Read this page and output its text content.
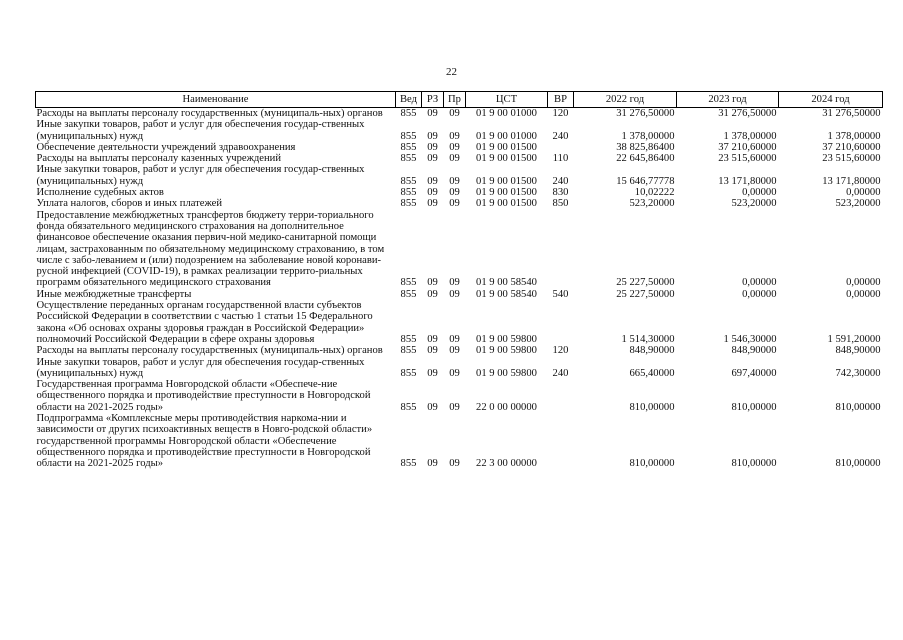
22
Наименование	Вед	РЗ	Пр	ЦСТ	ВР	2022 год	2023 год	2024 год
Расходы на выплаты персоналу государственных (муниципаль-ных) органов	855	09	09	01 9 00 01000	120	31 276,50000	31 276,50000	31 276,50000
Иные закупки товаров, работ и услуг для обеспечения государ-ственных (муниципальных) нужд	855	09	09	01 9 00 01000	240	1 378,00000	1 378,00000	1 378,00000
Обеспечение деятельности учреждений здравоохранения	855	09	09	01 9 00 01500		38 825,86400	37 210,60000	37 210,60000
Расходы на выплаты персоналу казенных учреждений	855	09	09	01 9 00 01500	110	22 645,86400	23 515,60000	23 515,60000
Иные закупки товаров, работ и услуг для обеспечения государ-ственных (муниципальных) нужд	855	09	09	01 9 00 01500	240	15 646,77778	13 171,80000	13 171,80000
Исполнение судебных актов	855	09	09	01 9 00 01500	830	10,02222	0,00000	0,00000
Уплата налогов, сборов и иных платежей	855	09	09	01 9 00 01500	850	523,20000	523,20000	523,20000
Предоставление межбюджетных трансфертов бюджету терри-ториального фонда обязательного медицинского страхования на дополнительное финансовое обеспечение оказания первич-ной медико-санитарной помощи лицам, застрахованным по обязательному медицинскому страхованию, в том числе с забо-леванием и (или) подозрением на заболевание новой коронави-русной инфекцией (COVID-19), в рамках реализации террито-риальных программ обязательного медицинского страхования	855	09	09	01 9 00 58540		25 227,50000	0,00000	0,00000
Иные межбюджетные трансферты	855	09	09	01 9 00 58540	540	25 227,50000	0,00000	0,00000
Осуществление переданных органам государственной власти субъектов Российской Федерации в соответствии с частью 1 статьи 15 Федерального закона «Об основах охраны здоровья граждан в Российской Федерации» полномочий Российской Федерации в сфере охраны здоровья	855	09	09	01 9 00 59800		1 514,30000	1 546,30000	1 591,20000
Расходы на выплаты персоналу государственных (муниципаль-ных) органов	855	09	09	01 9 00 59800	120	848,90000	848,90000	848,90000
Иные закупки товаров, работ и услуг для обеспечения государ-ственных (муниципальных) нужд	855	09	09	01 9 00 59800	240	665,40000	697,40000	742,30000
Государственная программа Новгородской области «Обеспече-ние общественного порядка и противодействие преступности в Новгородской области на 2021-2025 годы»	855	09	09	22 0 00 00000		810,00000	810,00000	810,00000
Подпрограмма «Комплексные меры противодействия наркома-нии и зависимости от других психоактивных веществ в Новго-родской области» государственной программы Новгородской области «Обеспечение общественного порядка и противодействие преступности в Новгородской области на 2021-2025 годы»	855	09	09	22 3 00 00000		810,00000	810,00000	810,00000
